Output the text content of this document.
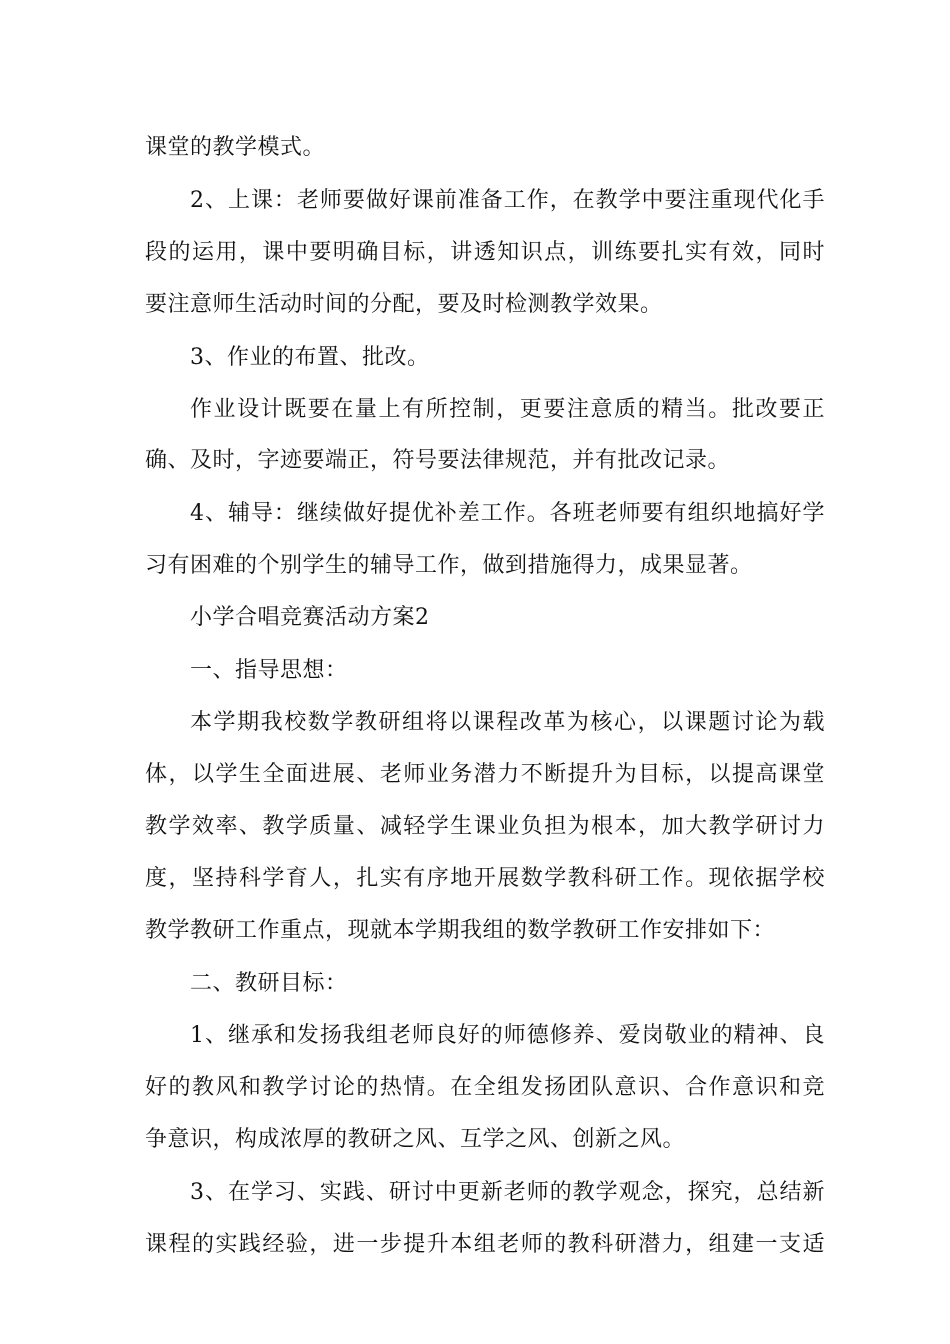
课堂的教学模式。
2、上课：老师要做好课前准备工作，在教学中要注重现代化手
段的运用，课中要明确目标，讲透知识点，训练要扎实有效，同时
要注意师生活动时间的分配，要及时检测教学效果。
3、作业的布置、批改。
作业设计既要在量上有所控制，更要注意质的精当。批改要正
确、及时，字迹要端正，符号要法律规范，并有批改记录。
4、辅导：继续做好提优补差工作。各班老师要有组织地搞好学
习有困难的个别学生的辅导工作，做到措施得力，成果显著。
小学合唱竞赛活动方案2
一、指导思想：
本学期我校数学教研组将以课程改革为核心，以课题讨论为载
体，以学生全面进展、老师业务潜力不断提升为目标，以提高课堂
教学效率、教学质量、减轻学生课业负担为根本，加大教学研讨力
度，坚持科学育人，扎实有序地开展数学教科研工作。现依据学校
教学教研工作重点，现就本学期我组的数学教研工作安排如下：
二、教研目标：
1、继承和发扬我组老师良好的师德修养、爱岗敬业的精神、良
好的教风和教学讨论的热情。在全组发扬团队意识、合作意识和竞
争意识，构成浓厚的教研之风、互学之风、创新之风。
3、在学习、实践、研讨中更新老师的教学观念，探究，总结新
课程的实践经验，进一步提升本组老师的教科研潜力，组建一支适
